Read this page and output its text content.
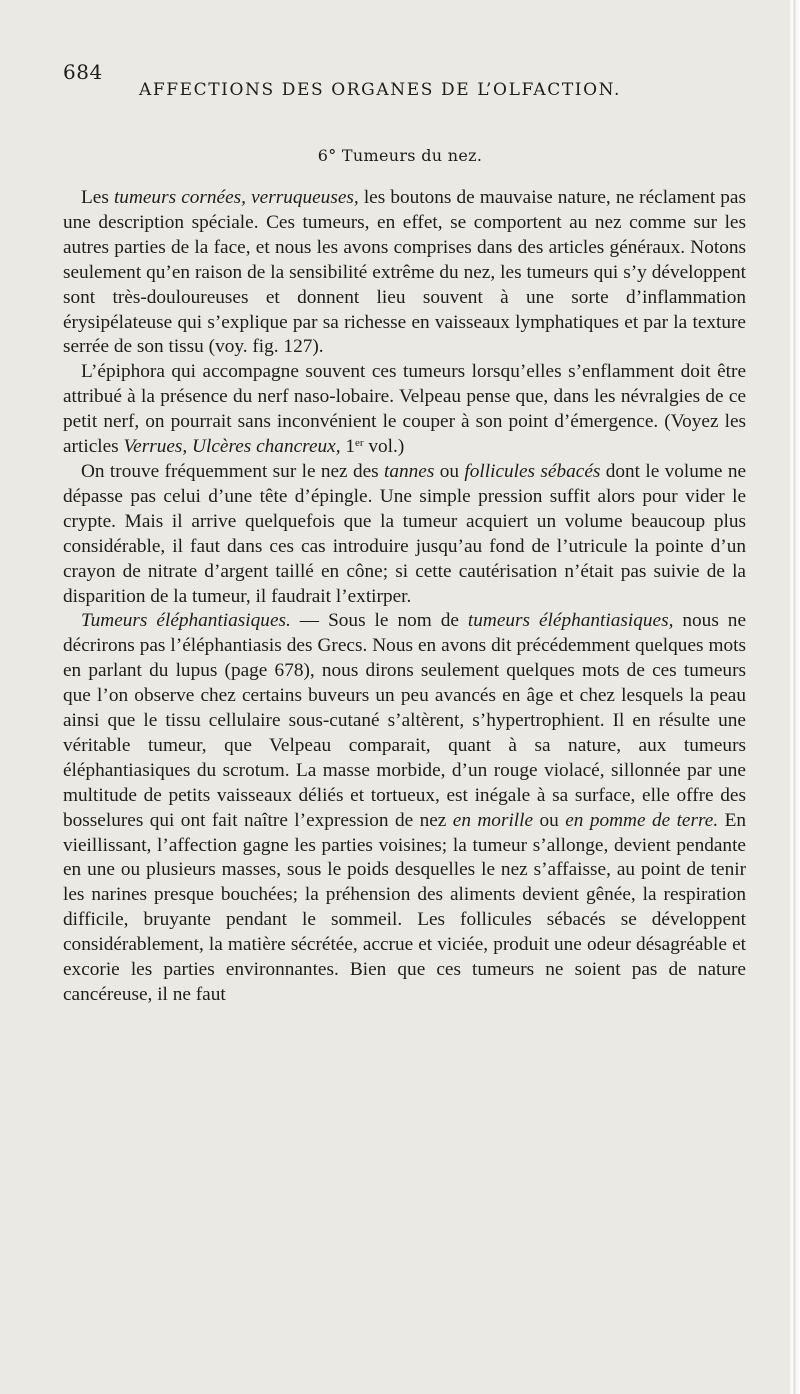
684
AFFECTIONS DES ORGANES DE L’OLFACTION.
6° Tumeurs du nez.

Les tumeurs cornées, verruqueuses, les boutons de mauvaise nature, ne réclament pas une description spéciale. Ces tumeurs, en effet, se comportent au nez comme sur les autres parties de la face, et nous les avons comprises dans des articles généraux. Notons seulement qu’en raison de la sensibilité extrême du nez, les tumeurs qui s’y développent sont très-douloureuses et donnent lieu souvent à une sorte d’inflammation érysipélateuse qui s’explique par sa richesse en vaisseaux lymphatiques et par la texture serrée de son tissu (voy. fig. 127).

L’épiphora qui accompagne souvent ces tumeurs lorsqu’elles s’enflamment doit être attribué à la présence du nerf naso-lobaire. Velpeau pense que, dans les névralgies de ce petit nerf, on pourrait sans inconvénient le couper à son point d’émergence. (Voyez les articles Verrues, Ulcères chancreux, 1er vol.)

On trouve fréquemment sur le nez des tannes ou follicules sébacés dont le volume ne dépasse pas celui d’une tête d’épingle. Une simple pression suffit alors pour vider le crypte. Mais il arrive quelquefois que la tumeur acquiert un volume beaucoup plus considérable, il faut dans ces cas introduire jusqu’au fond de l’utricule la pointe d’un crayon de nitrate d’argent taillé en cône; si cette cautérisation n’était pas suivie de la disparition de la tumeur, il faudrait l’extirper.

Tumeurs éléphantiasiques. — Sous le nom de tumeurs éléphantiasiques, nous ne décrirons pas l’éléphantiasis des Grecs. Nous en avons dit précédemment quelques mots en parlant du lupus (page 678), nous dirons seulement quelques mots de ces tumeurs que l’on observe chez certains buveurs un peu avancés en âge et chez lesquels la peau ainsi que le tissu cellulaire sous-cutané s’altèrent, s’hypertrophient. Il en résulte une véritable tumeur, que Velpeau comparait, quant à sa nature, aux tumeurs éléphantiasiques du scrotum. La masse morbide, d’un rouge violacé, sillonnée par une multitude de petits vaisseaux déliés et tortueux, est inégale à sa surface, elle offre des bosselures qui ont fait naître l’expression de nez en morille ou en pomme de terre. En vieillissant, l’affection gagne les parties voisines; la tumeur s’allonge, devient pendante en une ou plusieurs masses, sous le poids desquelles le nez s’affaisse, au point de tenir les narines presque bouchées; la préhension des aliments devient gênée, la respiration difficile, bruyante pendant le sommeil. Les follicules sébacés se développent considérablement, la matière sécrétée, accrue et viciée, produit une odeur désagréable et excorie les parties environnantes. Bien que ces tumeurs ne soient pas de nature cancéreuse, il ne faut
